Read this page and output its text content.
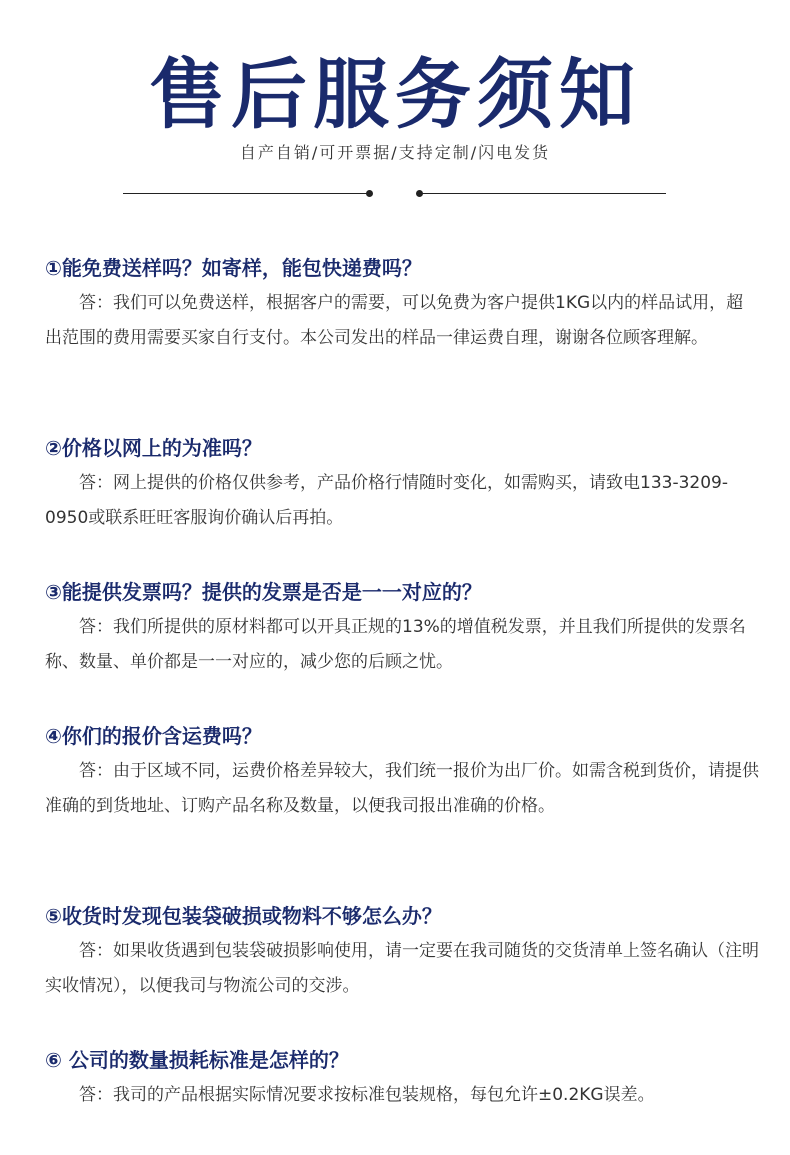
售后服务须知
自产自销/可开票据/支持定制/闪电发货

①能免费送样吗？如寄样，能包快递费吗？

答：我们可以免费送样，根据客户的需要，可以免费为客户提供1KG以内的样品试用，超出范围的费用需要买家自行支付。本公司发出的样品一律运费自理，谢谢各位顾客理解。

②价格以网上的为准吗？

答：网上提供的价格仅供参考，产品价格行情随时变化，如需购买，请致电133-3209-0950或联系旺旺客服询价确认后再拍。

③能提供发票吗？提供的发票是否是一一对应的？

答：我们所提供的原材料都可以开具正规的13%的增值税发票，并且我们所提供的发票名称、数量、单价都是一一对应的，减少您的后顾之忧。

④你们的报价含运费吗？

答：由于区域不同，运费价格差异较大，我们统一报价为出厂价。如需含税到货价，请提供准确的到货地址、订购产品名称及数量，以便我司报出准确的价格。

⑤收货时发现包装袋破损或物料不够怎么办？

答：如果收货遇到包装袋破损影响使用，请一定要在我司随货的交货清单上签名确认（注明实收情况），以便我司与物流公司的交涉。

⑥ 公司的数量损耗标准是怎样的？

答：我司的产品根据实际情况要求按标准包装规格，每包允许±0.2KG误差。
